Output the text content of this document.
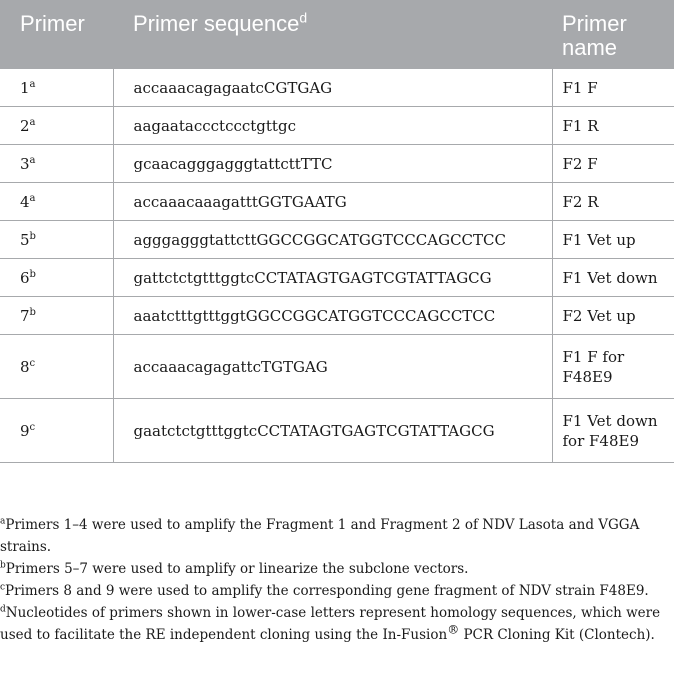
Primer	Primer sequence$^d$	Primer name
1$^a$	accaaacagagaatcCGTGAG	F1 F
2$^a$	aagaataccctccctgttgc	F1 R
3$^a$	gcaacagggagggtattcttTTC	F2 F
4$^a$	accaaacaaagatttGGTGAATG	F2 R
5$^b$	agggagggtattcttGGCCGGCATGGTCCCAGCCTCC	F1 Vet up
6$^b$	gattctctgtttggtcCCTATAGTGAGTCGTATTAGCG	F1 Vet down
7$^b$	aaatctttgtttggtGGCCGGCATGGTCCCAGCCTCC	F2 Vet up
8$^c$	accaaacagagattcTGTGAG	F1 F for F48E9
9$^c$	gaatctctgtttggtcCCTATAGTGAGTCGTATTAGCG	F1 Vet down for F48E9

$^a$Primers 1–4 were used to amplify the Fragment 1 and Fragment 2 of NDV Lasota and VGGA strains.

$^b$Primers 5–7 were used to amplify or linearize the subclone vectors.

$^c$Primers 8 and 9 were used to amplify the corresponding gene fragment of NDV strain F48E9.

$^d$Nucleotides of primers shown in lower-case letters represent homology sequences, which were used to facilitate the RE independent cloning using the In-Fusion® PCR Cloning Kit (Clontech).
